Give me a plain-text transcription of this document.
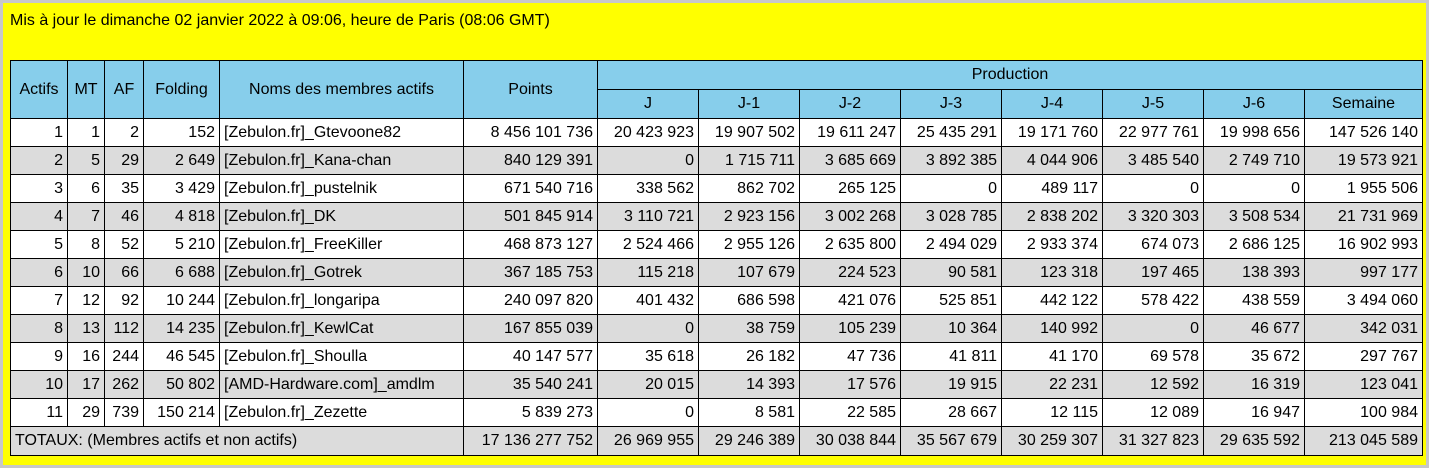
Mis à jour le dimanche 02 janvier 2022 à 09:06, heure de Paris (08:06 GMT)
Actifs	MT	AF	Folding	Noms des membres actifs	Points	Production							
						J	J-1	J-2	J-3	J-4	J-5	J-6	Semaine
1	1	2	152	[Zebulon.fr]_Gtevoone82	8 456 101 736	20 423 923	19 907 502	19 611 247	25 435 291	19 171 760	22 977 761	19 998 656	147 526 140
2	5	29	2 649	[Zebulon.fr]_Kana-chan	840 129 391	0	1 715 711	3 685 669	3 892 385	4 044 906	3 485 540	2 749 710	19 573 921
3	6	35	3 429	[Zebulon.fr]_pustelnik	671 540 716	338 562	862 702	265 125	0	489 117	0	0	1 955 506
4	7	46	4 818	[Zebulon.fr]_DK	501 845 914	3 110 721	2 923 156	3 002 268	3 028 785	2 838 202	3 320 303	3 508 534	21 731 969
5	8	52	5 210	[Zebulon.fr]_FreeKiller	468 873 127	2 524 466	2 955 126	2 635 800	2 494 029	2 933 374	674 073	2 686 125	16 902 993
6	10	66	6 688	[Zebulon.fr]_Gotrek	367 185 753	115 218	107 679	224 523	90 581	123 318	197 465	138 393	997 177
7	12	92	10 244	[Zebulon.fr]_longaripa	240 097 820	401 432	686 598	421 076	525 851	442 122	578 422	438 559	3 494 060
8	13	112	14 235	[Zebulon.fr]_KewlCat	167 855 039	0	38 759	105 239	10 364	140 992	0	46 677	342 031
9	16	244	46 545	[Zebulon.fr]_Shoulla	40 147 577	35 618	26 182	47 736	41 811	41 170	69 578	35 672	297 767
10	17	262	50 802	[AMD-Hardware.com]_amdlm	35 540 241	20 015	14 393	17 576	19 915	22 231	12 592	16 319	123 041
11	29	739	150 214	[Zebulon.fr]_Zezette	5 839 273	0	8 581	22 585	28 667	12 115	12 089	16 947	100 984
TOTAUX: (Membres actifs et non actifs)					17 136 277 752	26 969 955	29 246 389	30 038 844	35 567 679	30 259 307	31 327 823	29 635 592	213 045 589
